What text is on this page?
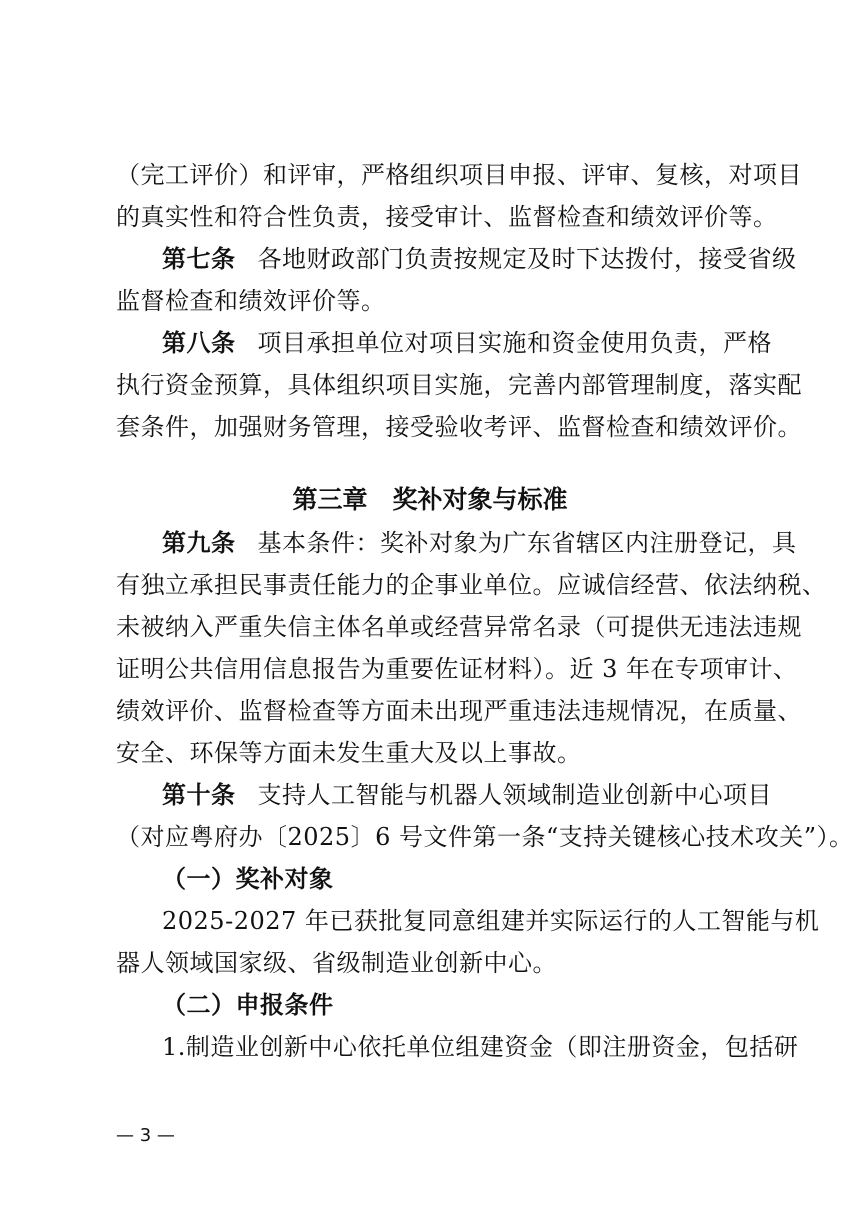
（完工评价）和评审，严格组织项目申报、评审、复核，对项目
的真实性和符合性负责，接受审计、监督检查和绩效评价等。
第七条 各地财政部门负责按规定及时下达拨付，接受省级
监督检查和绩效评价等。
第八条 项目承担单位对项目实施和资金使用负责，严格
执行资金预算，具体组织项目实施，完善内部管理制度，落实配
套条件，加强财务管理，接受验收考评、监督检查和绩效评价。
第三章　奖补对象与标准
第九条 基本条件：奖补对象为广东省辖区内注册登记，具
有独立承担民事责任能力的企事业单位。应诚信经营、依法纳税、
未被纳入严重失信主体名单或经营异常名录（可提供无违法违规
证明公共信用信息报告为重要佐证材料）。近 3 年在专项审计、
绩效评价、监督检查等方面未出现严重违法违规情况，在质量、
安全、环保等方面未发生重大及以上事故。
第十条 支持人工智能与机器人领域制造业创新中心项目
（对应粤府办〔2025〕6 号文件第一条“支持关键核心技术攻关”）。
（一）奖补对象
2025-2027 年已获批复同意组建并实际运行的人工智能与机
器人领域国家级、省级制造业创新中心。
（二）申报条件
1.制造业创新中心依托单位组建资金（即注册资金，包括研
— 3 —
